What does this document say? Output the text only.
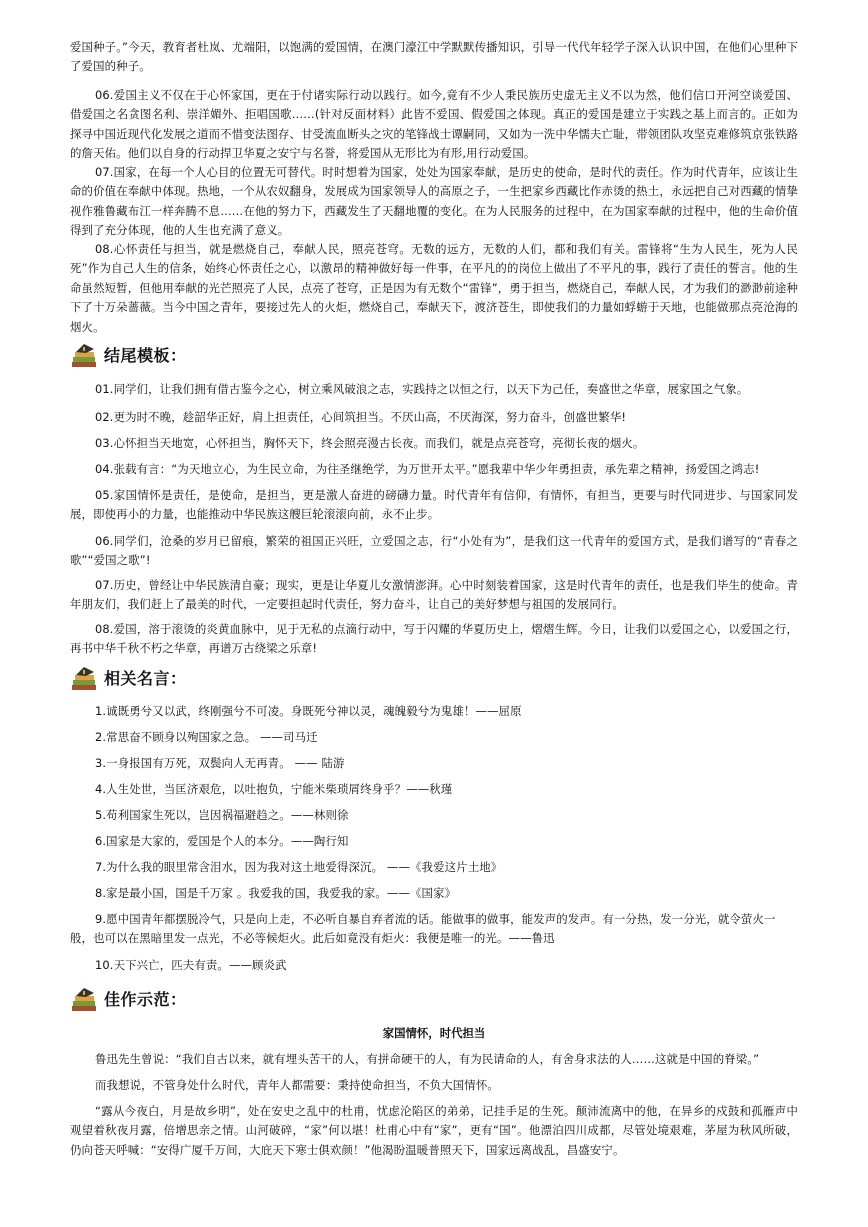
爱国种子。”今天，教育者杜岚、尤端阳，以饱满的爱国情，在澳门濠江中学默默传播知识，引导一代代年轻学子深入认识中国，在他们心里种下了爱国的种子。

06.爱国主义不仅在于心怀家国，更在于付诸实际行动以践行。如今,竟有不少人秉民族历史虚无主义不以为然，他们信口开河空谈爱国、借爱国之名贪图名利、崇洋媚外、拒唱国歌……(针对反面材料）此皆不爱国、假爱国之体现。真正的爱国是建立于实践之基上而言的。正如为探寻中国近现代化发展之道而不惜变法图存、甘受流血断头之灾的笔锋战士谭嗣同，又如为一洗中华懦夫亡耻，带领团队攻坚克难修筑京张铁路的詹天佑。他们以自身的行动捍卫华夏之安宁与名誉，将爱国从无形比为有形,用行动爱国。

07.国家，在每一个人心目的位置无可替代。时时想着为国家，处处为国家奉献，是历史的使命，是时代的责任。作为时代青年，应该让生命的价值在奉献中体现。热地，一个从农奴翻身，发展成为国家领导人的高原之子，一生把家乡西藏比作赤烫的热土，永远把自己对西藏的情挚视作雅鲁藏布江一样奔腾不息……在他的努力下，西藏发生了天翻地覆的变化。在为人民服务的过程中，在为国家奉献的过程中，他的生命价值得到了充分体现，他的人生也充满了意义。

08.心怀责任与担当，就是燃烧自己，奉献人民，照亮苍穹。无数的远方，无数的人们，都和我们有关。雷锋将“生为人民生，死为人民死”作为自己人生的信条，始终心怀责任之心，以激昂的精神做好每一件事，在平凡的的岗位上做出了不平凡的事，践行了责任的誓言。他的生命虽然短暂，但他用奉献的光芒照亮了人民，点亮了苍穹，正是因为有无数个“雷锋”，勇于担当，燃烧自己，奉献人民，才为我们的渺渺前途种下了十万朵蔷薇。当今中国之青年，要接过先人的火炬，燃烧自己，奉献天下，渡济苍生，即使我们的力量如蜉蝣于天地，也能做那点亮沧海的烟火。

结尾模板：

01.同学们，让我们拥有借古鉴今之心，树立乘风破浪之志，实践持之以恒之行，以天下为己任，奏盛世之华章，展家国之气象。

02.更为时不晚，趁韶华正好，肩上担责任，心间筑担当。不厌山高，不厌海深，努力奋斗，创盛世繁华!

03.心怀担当天地宽，心怀担当，胸怀天下，终会照亮漫古长夜。而我们，就是点亮苍穹，亮彻长夜的烟火。

04.张载有言：“为天地立心，为生民立命，为往圣继绝学，为万世开太平。”愿我辈中华少年勇担责，承先辈之精神，扬爱国之鸿志!

05.家国情怀是责任，是使命，是担当，更是激人奋进的磅礴力量。时代青年有信仰，有情怀，有担当，更要与时代同进步、与国家同发展，即使再小的力量，也能推动中华民族这艘巨轮滚滚向前，永不止步。

06.同学们，沧桑的岁月已留痕，繁荣的祖国正兴旺，立爱国之志，行“小处有为”，是我们这一代青年的爱国方式，是我们谱写的“青春之歌”“爱国之歌”!

07.历史，曾经让中华民族清自豪；现实，更是让华夏儿女激情澎湃。心中时刻装着国家，这是时代青年的责任，也是我们毕生的使命。青年朋友们，我们赶上了最美的时代，一定要担起时代责任，努力奋斗，让自己的美好梦想与祖国的发展同行。

08.爱国，溶于滚烫的炎黄血脉中，见于无私的点滴行动中，写于闪耀的华夏历史上，熠熠生辉。今日，让我们以爱国之心，以爱国之行，再书中华千秋不朽之华章，再谱万古绕梁之乐章!

相关名言：

1.诚既勇兮又以武，终刚强兮不可凌。身既死兮神以灵，魂魄毅兮为鬼雄！——屈原

2.常思奋不顾身以殉国家之急。 ——司马迁

3.一身报国有万死，双鬓向人无再青。 —— 陆游

4.人生处世，当匡济艰危，以吐抱负，宁能米柴琐屑终身乎？——秋瑾

5.苟利国家生死以，岂因祸福避趋之。——林则徐

6.国家是大家的，爱国是个人的本分。——陶行知

7.为什么我的眼里常含泪水，因为我对这土地爱得深沉。 ——《我爱这片土地》

8.家是最小国，国是千万家 。我爱我的国，我爱我的家。——《国家》

9.愿中国青年都摆脱冷气，只是向上走，不必听自暴自弃者流的话。能做事的做事，能发声的发声。有一分热，发一分光，就令萤火一般，也可以在黑暗里发一点光，不必等候炬火。此后如竟没有炬火：我便是唯一的光。——鲁迅

10.天下兴亡，匹夫有责。——顾炎武

佳作示范：
家国情怀，时代担当

鲁迅先生曾说：“我们自古以来，就有埋头苦干的人，有拼命硬干的人，有为民请命的人，有舍身求法的人……这就是中国的脊梁。”

而我想说，不管身处什么时代，青年人都需要：秉持使命担当，不负大国情怀。

“露从今夜白，月是故乡明”，处在安史之乱中的杜甫，忧虑沦陷区的弟弟，记挂手足的生死。颠沛流离中的他，在异乡的戍鼓和孤雁声中观望着秋夜月露，倍增思亲之情。山河破碎，“家”何以堪！杜甫心中有“家”，更有“国”。他漂泊四川成都，尽管处境艰难，茅屋为秋风所破，仍向苍天呼喊：“安得广厦千万间，大庇天下寒士俱欢颜！”他渴盼温暖普照天下，国家远离战乱，昌盛安宁。
